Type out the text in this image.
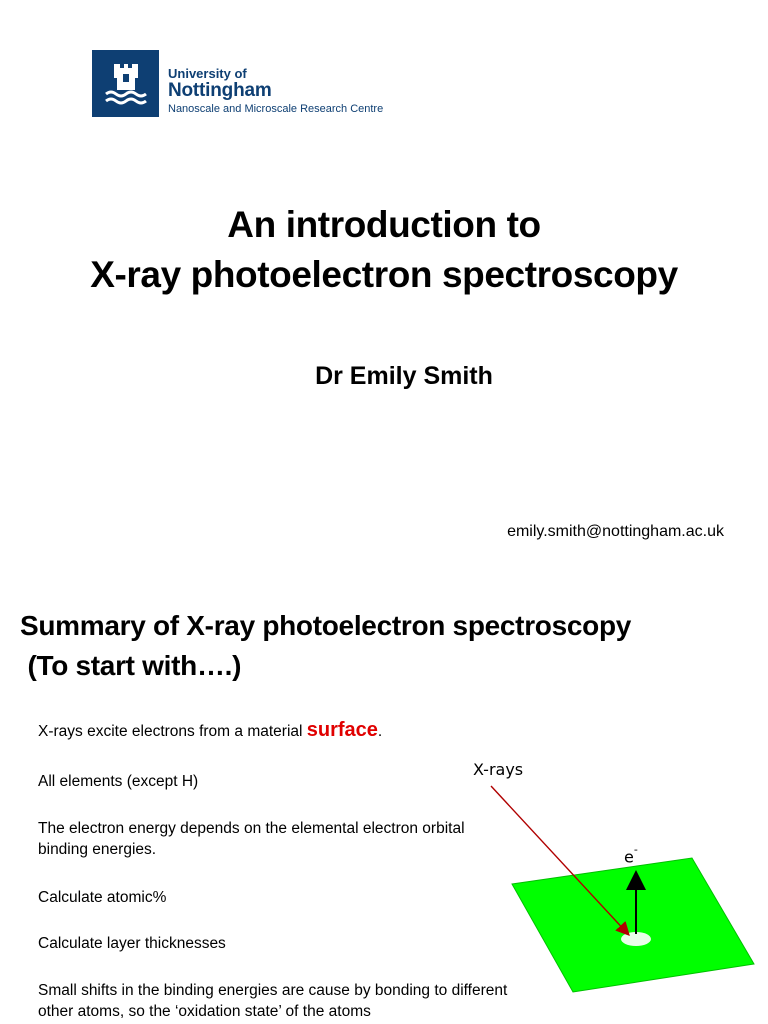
University of
Nottingham
Nanoscale and Microscale Research Centre
An introduction to
X-ray photoelectron spectroscopy
Dr Emily Smith
emily.smith@nottingham.ac.uk
Summary of X-ray photoelectron spectroscopy
(To start with….)

X-rays excite electrons from a material surface.

All elements (except H)

The electron energy depends on the elemental electron orbital binding energies.

Calculate atomic%

Calculate layer thicknesses

Small shifts in the binding energies are cause by bonding to different other atoms, so the ‘oxidation state’ of the atoms

X-rays
e-
